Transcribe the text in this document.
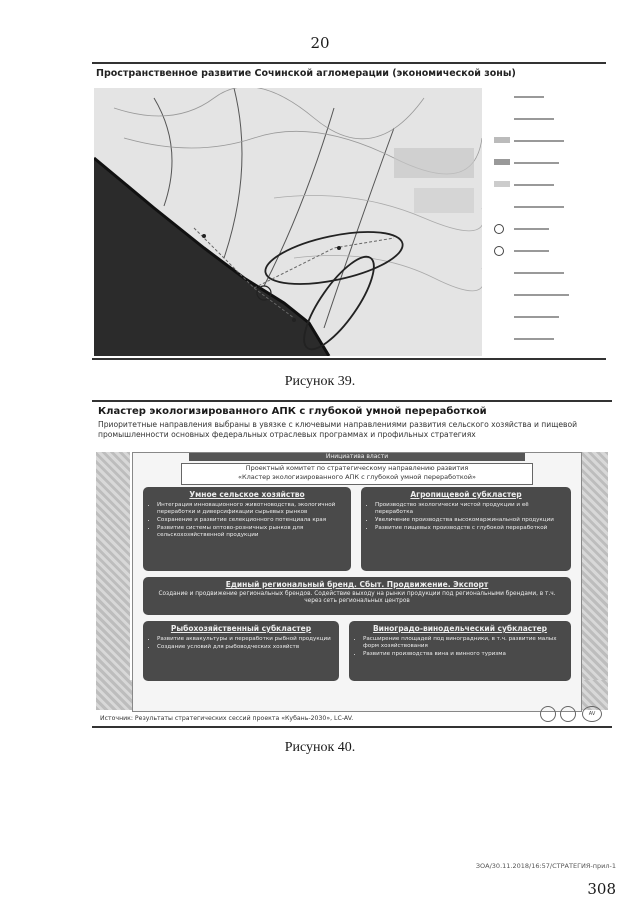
20
Пространственное развитие Сочинской агломерации (экономической зоны)
Рисунок 39.
Кластер экологизированного АПК с глубокой умной переработкой
Приоритетные направления выбраны в увязке с ключевыми направлениями развития сельского хозяйства и пищевой промышленности основных федеральных отраслевых программах и профильных стратегиях
Инициатива власти
Проектный комитет по стратегическому направлению развития
«Кластер экологизированного АПК с глубокой умной переработкой»
Умное сельское хозяйство
• Интеграция инновационного животноводства, экологичной переработки и диверсификации сырьевых рынков
• Сохранение и развитие селекционного потенциала края
• Развитие системы оптово-розничных рынков для сельскохозяйственной продукции
Агропищевой субкластер
• Производство экологически чистой продукции и её переработка
• Увеличение производства высокомаржинальной продукции
• Развитие пищевых производств с глубокой переработкой
Единый региональный бренд. Сбыт. Продвижение. Экспорт
Создание и продвижение региональных брендов. Содействие выходу на рынки продукции под региональными брендами, в т.ч. через сеть региональных центров
Рыбохозяйственный субкластер
• Развитие аквакультуры и переработки рыбной продукции
• Создание условий для рыбоводческих хозяйств
Виноградо-винодельческий субкластер
• Расширение площадей под виноградники, в т.ч. развитие малых форм хозяйствования
• Развитие производства вина и винного туризма
Источник: Результаты стратегических сессий проекта «Кубань-2030», LC-AV.
AV
Рисунок 40.
ЗОА/30.11.2018/16:57/СТРАТЕГИЯ-прил-1
308
